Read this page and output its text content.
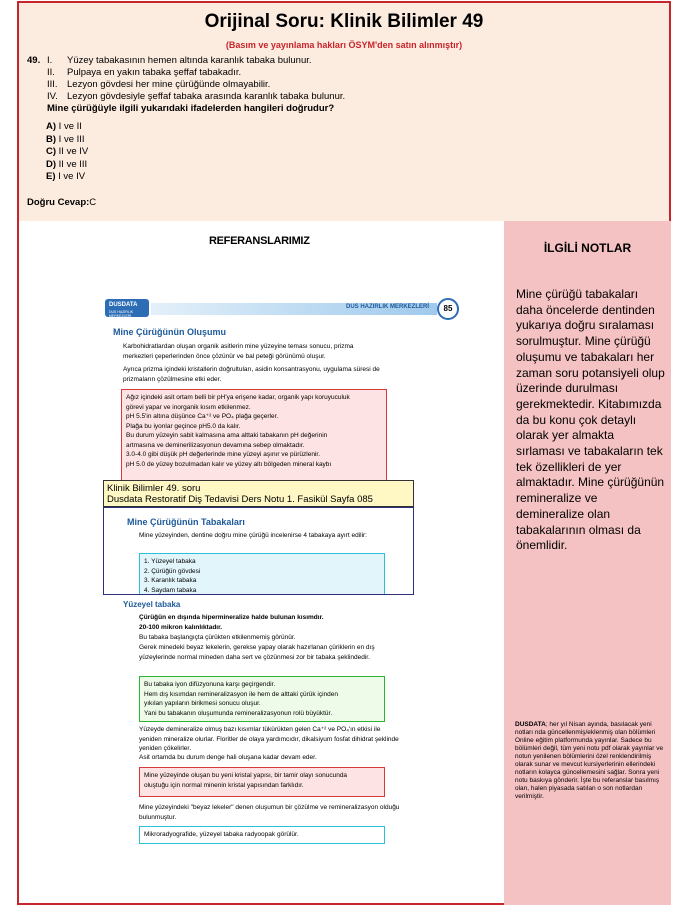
Orijinal Soru: Klinik Bilimler 49
(Basım ve yayınlama hakları ÖSYM'den satın alınmıştır)
49. I. Yüzey tabakasının hemen altında karanlık tabaka bulunur.
II. Pulpaya en yakın tabaka şeffaf tabakadır.
III. Lezyon gövdesi her mine çürüğünde olmayabilir.
IV. Lezyon gövdesiyle şeffaf tabaka arasında karanlık tabaka bulunur.
Mine çürüğüyle ilgili yukarıdaki ifadelerden hangileri doğrudur?
A) I ve II
B) I ve III
C) II ve IV
D) II ve III
E) I ve IV
Doğru Cevap:C
REFERANSLARIMIZ
DUSDATA
DUS HAZIRLIK MERKEZLERİ
DUS HAZIRLIK MERKEZLERİ	85
Mine Çürüğünün Oluşumu
Karbohidratlardan oluşan organik asitlerin mine yüzeyine teması sonucu, prizma merkezleri çeperlerinden önce çözünür ve bal peteği görünümü oluşur.
Ayrıca prizma içindeki kristallerin doğrultuları, asidin konsantrasyonu, uygulama süresi de prizmaların çözülmesine etki eder.
Ağız içindeki asit ortam belli bir pH'ya erişene kadar, organik yapı koruyuculuk
görevi yapar ve inorganik kısım etkilenmez.
pH 5.5'in altına düşünce Ca⁺² ve PO₄ plağa geçerler.
Plağa bu iyonlar geçince pH5.0 da kalır.
Bu durum yüzeyin sabit kalmasına ama alttaki tabakanın pH değerinin
artmasına ve deminerilizasyonun devamına sebep olmaktadır.
3.0-4.0 gibi düşük pH değerlerinde mine yüzeyi aşınır ve pürüzlenir.
pH 5.0 de yüzey bozulmadan kalır ve yüzey altı bölgeden mineral kaybı
Mine Çürüğünün Tabakaları
Mine yüzeyinden, dentine doğru mine çürüğü incelenirse 4 tabakaya ayırt edilir:
1. Yüzeyel tabaka
2. Çürüğün gövdesi
3. Karanlık tabaka
4. Saydam tabaka
Yüzeyel tabaka
Çürüğün en dışında hipermineralize halde bulunan kısımdır.
20-100 mikron kalınlıktadır.
Bu tabaka başlangıçta çürükten etkilenmemiş görünür.
Gerek minedeki beyaz lekelerin, gerekse yapay olarak hazırlanan çüriklerin en dış yüzeylerinde normal mineden daha sert ve çözünmesi zor bir tabaka şeklindedir.
Bu tabaka iyon difüzyonuna karşı geçirgendir.
Hem dış kısımdan remineralizasyon ile hem de alttaki çürük içinden
yıkılan yapıların birikmesi sonucu oluşur.
Yani bu tabakanın oluşumunda remineralizasyonun rolü büyüktür.
Yüzeyde demineralize olmuş bazı kısımlar tükürükten gelen Ca⁺² ve PO₄'ın etkisi ile yeniden mineralize olurlar. Floritler de olaya yardımcıdır, dikalsiyum fosfat dihidrat şeklinde yeniden çökelirler.
Asit ortamda bu durum denge hali oluşana kadar devam eder.
Mine yüzeyinde oluşan bu yeni kristal yapısı, bir tamir olayı sonucunda
oluştuğu için normal minenin kristal yapısından farklıdır.
Mine yüzeyindeki "beyaz lekeler" denen oluşumun bir çözülme ve remineralizasyon olduğu bulunmuştur.
Mikroradyografide, yüzeyel tabaka radyoopak görülür.
Klinik Bilimler 49. soru
Dusdata Restoratif Diş Tedavisi Ders Notu 1. Fasikül Sayfa 085
İLGİLİ NOTLAR
Mine çürüğü tabakaları daha öncelerde dentinden yukarıya doğru sıralaması sorulmuştur. Mine çürüğü oluşumu ve tabakaları her zaman soru potansiyeli olup üzerinde durulması gerekmektedir. Kitabımızda da bu konu çok detaylı olarak yer almakta sırlaması ve tabakaların tek tek özellikleri de yer almaktadır. Mine çürüğünün remineralize ve demineralize olan tabakalarının olması da önemlidir.
DUSDATA; her yıl Nisan ayında, basılacak yeni notları nda güncellenmiş/eklenmiş olan bölümleri Online eğitim platformunda yayınlar. Sadece bu bölümleri değil, tüm yeni notu pdf olarak yayınlar ve notun yenilenen bölümlerini özel renklendirilmiş olarak sunar ve mevcut kursiyerlerinin ellerindeki notların kolayca güncellemesini sağlar. Sonra yeni notu baskıya gönderir. İşte bu referanslar basılmış olan, halen piyasada satılan o son notlardan verilmiştir.
